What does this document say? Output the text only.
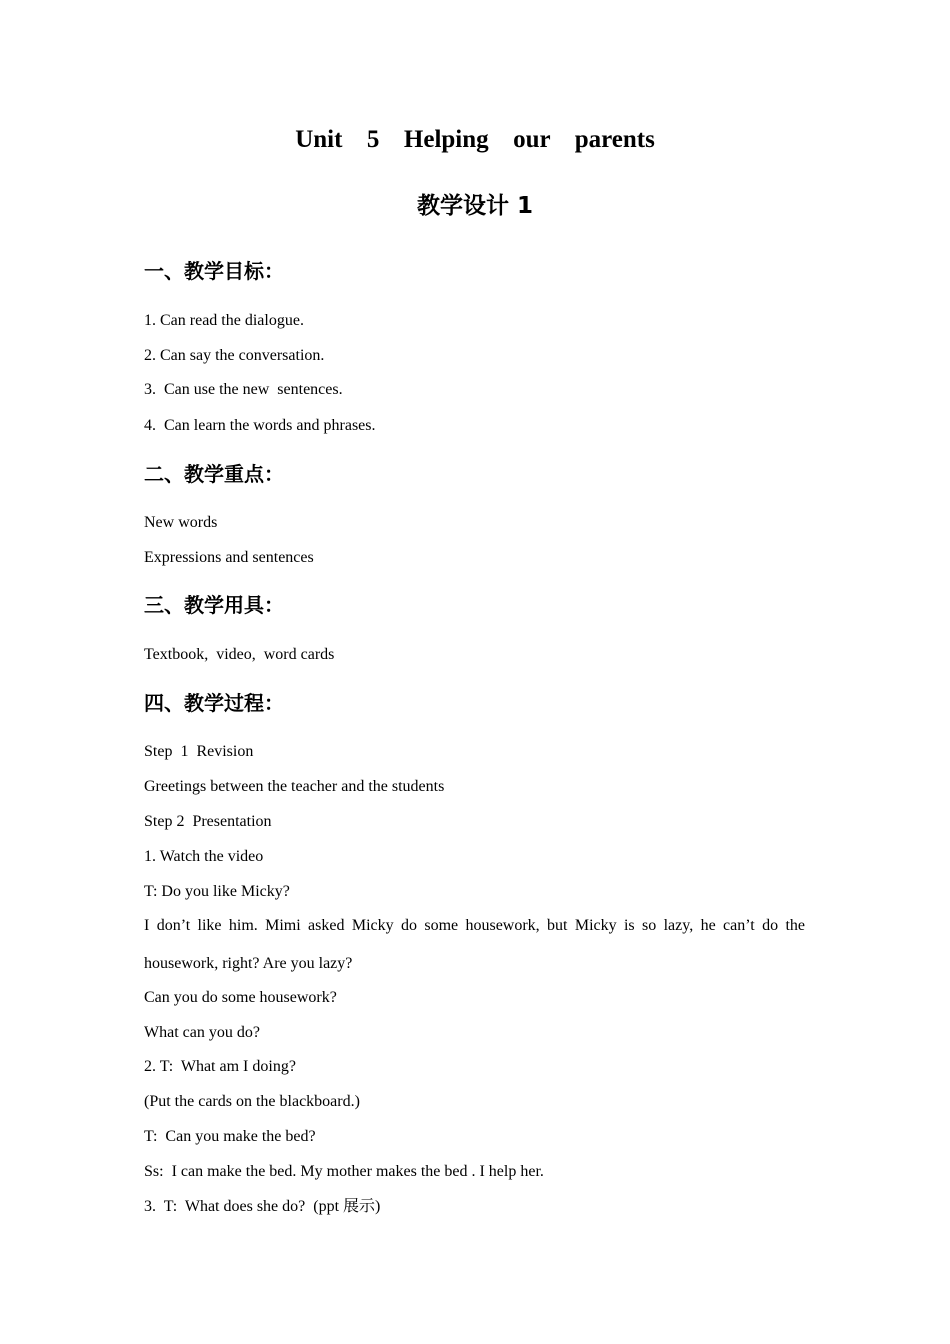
Unit  5  Helping  our  parents
教学设计 1
一、教学目标：

1. Can read the dialogue.

2. Can say the conversation.

3.  Can use the new  sentences.

4.  Can learn the words and phrases.

二、教学重点：

New words

Expressions and sentences

三、教学用具：

Textbook,  video,  word cards

四、教学过程：

Step  1  Revision

Greetings between the teacher and the students

Step 2  Presentation

1. Watch the video

T: Do you like Micky?

I don’t like him. Mimi asked Micky do some housework, but Micky is so lazy, he can’t do the housework, right? Are you lazy?

Can you do some housework?

What can you do?

2. T:  What am I doing?

(Put the cards on the blackboard.)

T:  Can you make the bed?

Ss:  I can make the bed. My mother makes the bed . I help her.

3.  T:  What does she do?  (ppt 展示)
